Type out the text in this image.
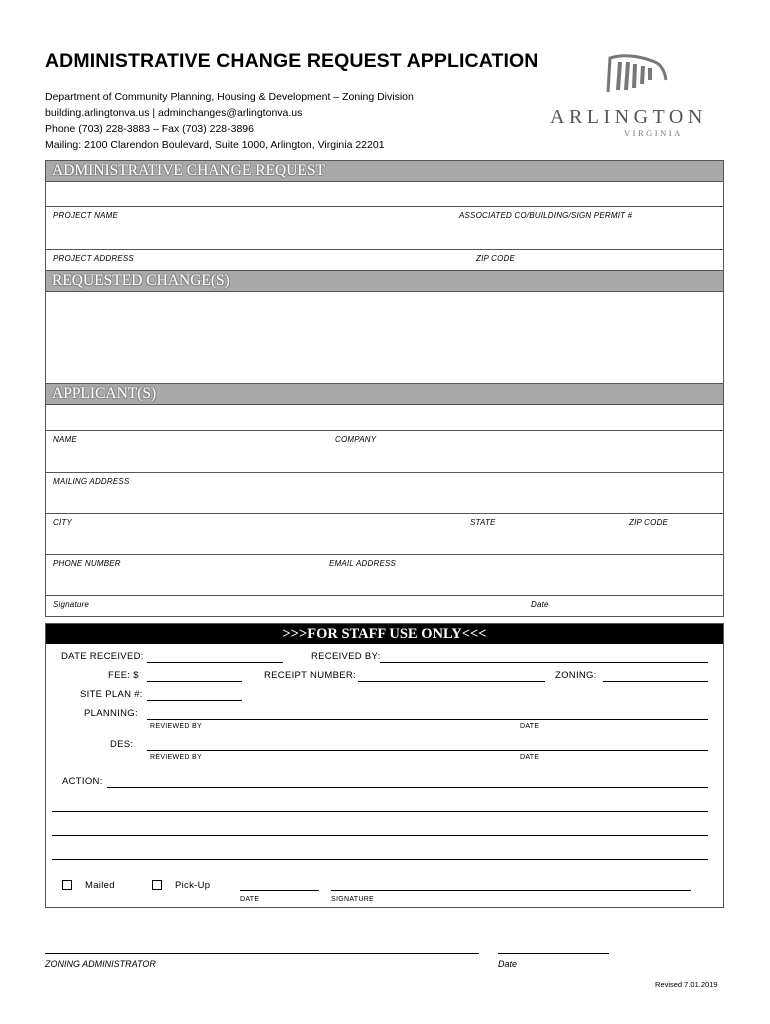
ADMINISTRATIVE CHANGE REQUEST APPLICATION
Department of Community Planning, Housing & Development – Zoning Division
building.arlingtonva.us | adminchanges@arlingtonva.us
Phone (703) 228-3883 – Fax (703) 228-3896
Mailing: 2100 Clarendon Boulevard, Suite 1000, Arlington, Virginia 22201
ARLINGTON
VIRGINIA
ADMINISTRATIVE CHANGE REQUEST
PROJECT NAME	ASSOCIATED CO/BUILDING/SIGN PERMIT #
PROJECT ADDRESS	ZIP CODE
REQUESTED CHANGE(S)
APPLICANT(S)
NAME	COMPANY
MAILING ADDRESS
CITY	STATE	ZIP CODE
PHONE NUMBER	EMAIL ADDRESS
Signature	Date
>>>FOR STAFF USE ONLY<<<
DATE RECEIVED:	RECEIVED BY:
FEE: $	RECEIPT NUMBER:	ZONING:
SITE PLAN #:
PLANNING:
REVIEWED BY	DATE
DES:
REVIEWED BY	DATE
ACTION:
Mailed	Pick-Up
DATE	SIGNATURE
ZONING ADMINISTRATOR	Date
Revised 7.01.2019
